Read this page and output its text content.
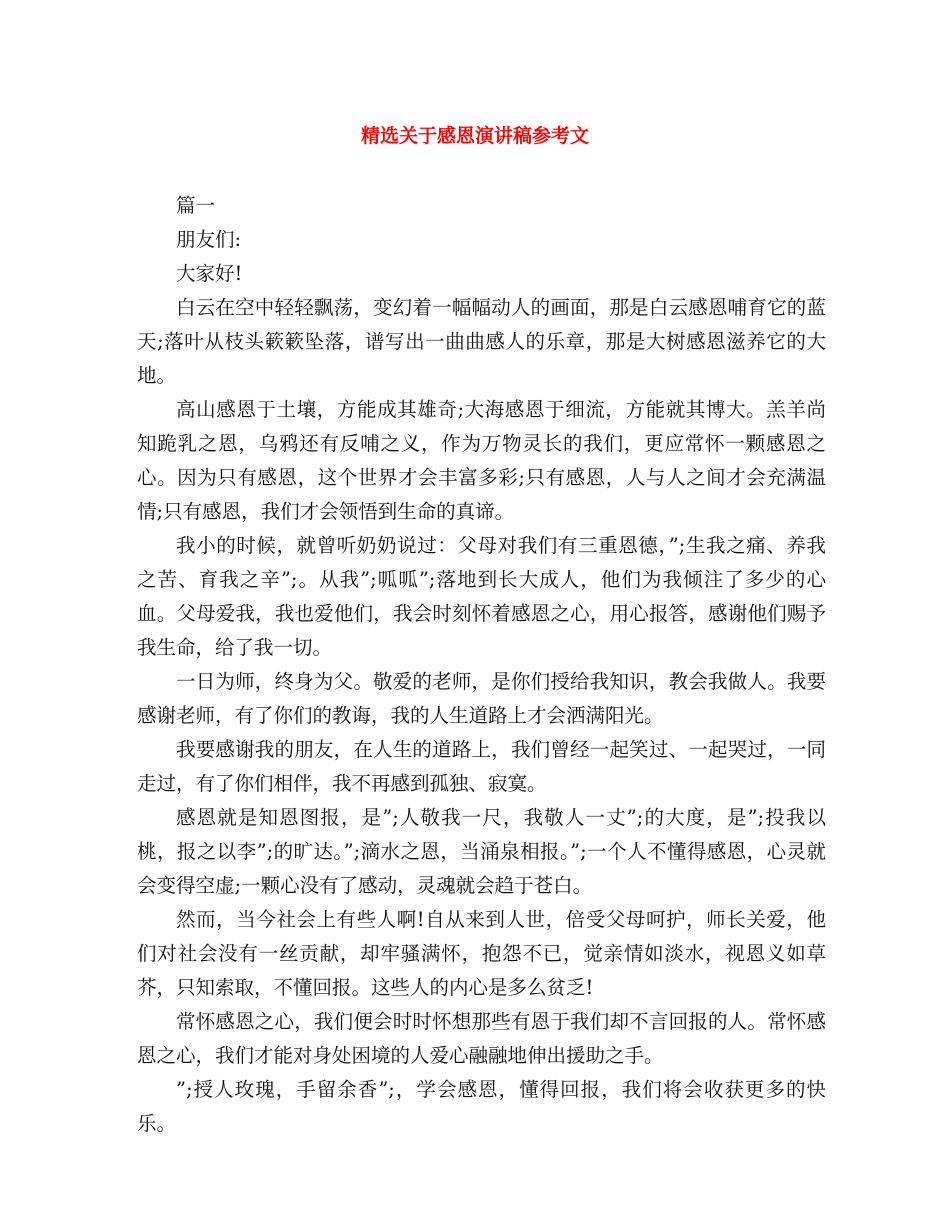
精选关于感恩演讲稿参考文

篇一

朋友们:

大家好!

白云在空中轻轻飘荡，变幻着一幅幅动人的画面，那是白云感恩哺育它的蓝天;落叶从枝头簌簌坠落，谱写出一曲曲感人的乐章，那是大树感恩滋养它的大地。

高山感恩于土壤，方能成其雄奇;大海感恩于细流，方能就其博大。羔羊尚知跪乳之恩，乌鸦还有反哺之义，作为万物灵长的我们，更应常怀一颗感恩之心。因为只有感恩，这个世界才会丰富多彩;只有感恩，人与人之间才会充满温情;只有感恩，我们才会领悟到生命的真谛。

我小的时候，就曾听奶奶说过：父母对我们有三重恩德，”;生我之痛、养我之苦、育我之辛”;。从我”;呱呱”;落地到长大成人，他们为我倾注了多少的心血。父母爱我，我也爱他们，我会时刻怀着感恩之心，用心报答，感谢他们赐予我生命，给了我一切。

一日为师，终身为父。敬爱的老师，是你们授给我知识，教会我做人。我要感谢老师，有了你们的教诲，我的人生道路上才会洒满阳光。

我要感谢我的朋友，在人生的道路上，我们曾经一起笑过、一起哭过，一同走过，有了你们相伴，我不再感到孤独、寂寞。

感恩就是知恩图报，是”;人敬我一尺，我敬人一丈”;的大度，是”;投我以桃，报之以李”;的旷达。”;滴水之恩，当涌泉相报。”;一个人不懂得感恩，心灵就会变得空虚;一颗心没有了感动，灵魂就会趋于苍白。

然而，当今社会上有些人啊!自从来到人世，倍受父母呵护，师长关爱，他们对社会没有一丝贡献，却牢骚满怀，抱怨不已，觉亲情如淡水，视恩义如草芥，只知索取，不懂回报。这些人的内心是多么贫乏!

常怀感恩之心，我们便会时时怀想那些有恩于我们却不言回报的人。常怀感恩之心，我们才能对身处困境的人爱心融融地伸出援助之手。

”;授人玫瑰，手留余香”;，学会感恩，懂得回报，我们将会收获更多的快乐。
